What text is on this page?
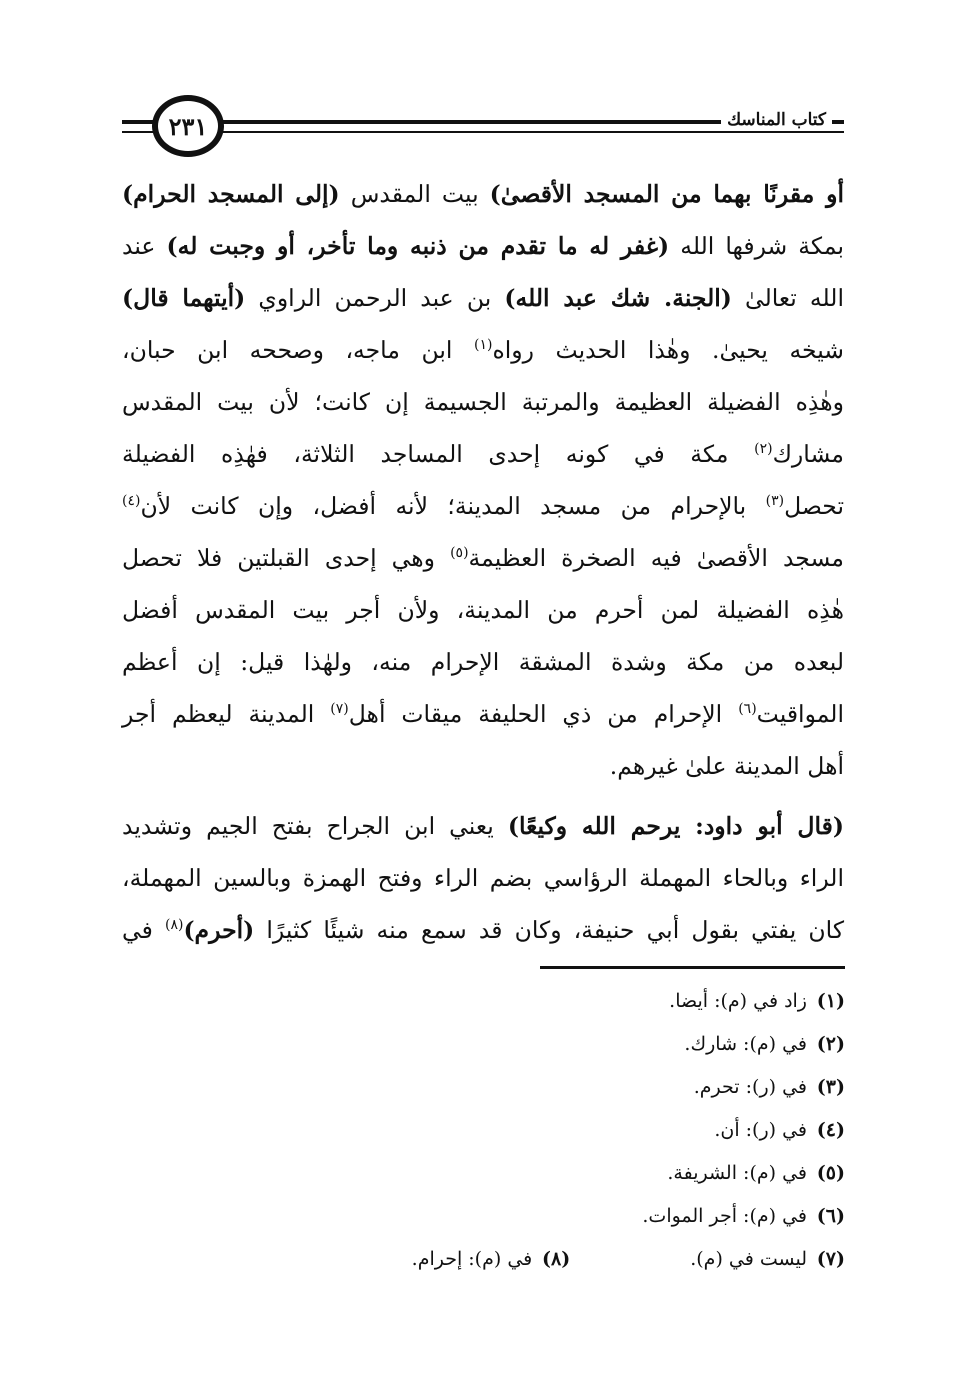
كتاب المناسك
٢٣١
أو مقرنًا بهما من المسجد الأقصىٰ) بيت المقدس (إلى المسجد الحرام)
بمكة شرفها الله (غفر له ما تقدم من ذنبه وما تأخر، أو وجبت له) عند
الله تعالىٰ (الجنة. شك عبد الله) بن عبد الرحمن الراوي (أيتهما قال)
شيخه يحيىٰ. وهٰذا الحديث رواه$^{(١)}$ ابن ماجه، وصححه ابن حبان،
وهٰذِه الفضيلة العظيمة والمرتبة الجسيمة إن كانت؛ لأن بيت المقدس
مشارك$^{(٢)}$ مكة في كونه إحدى المساجد الثلاثة، فهٰذِه الفضيلة
تحصل$^{(٣)}$ بالإحرام من مسجد المدينة؛ لأنه أفضل، وإن كانت لأن$^{(٤)}$
مسجد الأقصىٰ فيه الصخرة العظيمة$^{(٥)}$ وهي إحدى القبلتين فلا تحصل
هٰذِه الفضيلة لمن أحرم من المدينة، ولأن أجر بيت المقدس أفضل
لبعده من مكة وشدة المشقة الإحرام منه، ولهٰذا قيل: إن أعظم
المواقيت$^{(٦)}$ الإحرام من ذي الحليفة ميقات أهل$^{(٧)}$ المدينة ليعظم أجر
أهل المدينة علىٰ غيرهم.
(قال أبو داود: يرحم الله وكيعًا) يعني ابن الجراح بفتح الجيم وتشديد
الراء وبالحاء المهملة الرؤاسي بضم الراء وفتح الهمزة وبالسين المهملة،
كان يفتي بقول أبي حنيفة، وكان قد سمع منه شيئًا كثيرًا (أحرم)$^{(٨)}$ في
(١)زاد في (م): أيضا.
(٢)في (م): شارك.
(٣)في (ر): تحرم.
(٤)في (ر): أن.
(٥)في (م): الشريفة.
(٦)في (م): أجر الموات.
(٧)ليست في (م).(٨)في (م): إحرام.
